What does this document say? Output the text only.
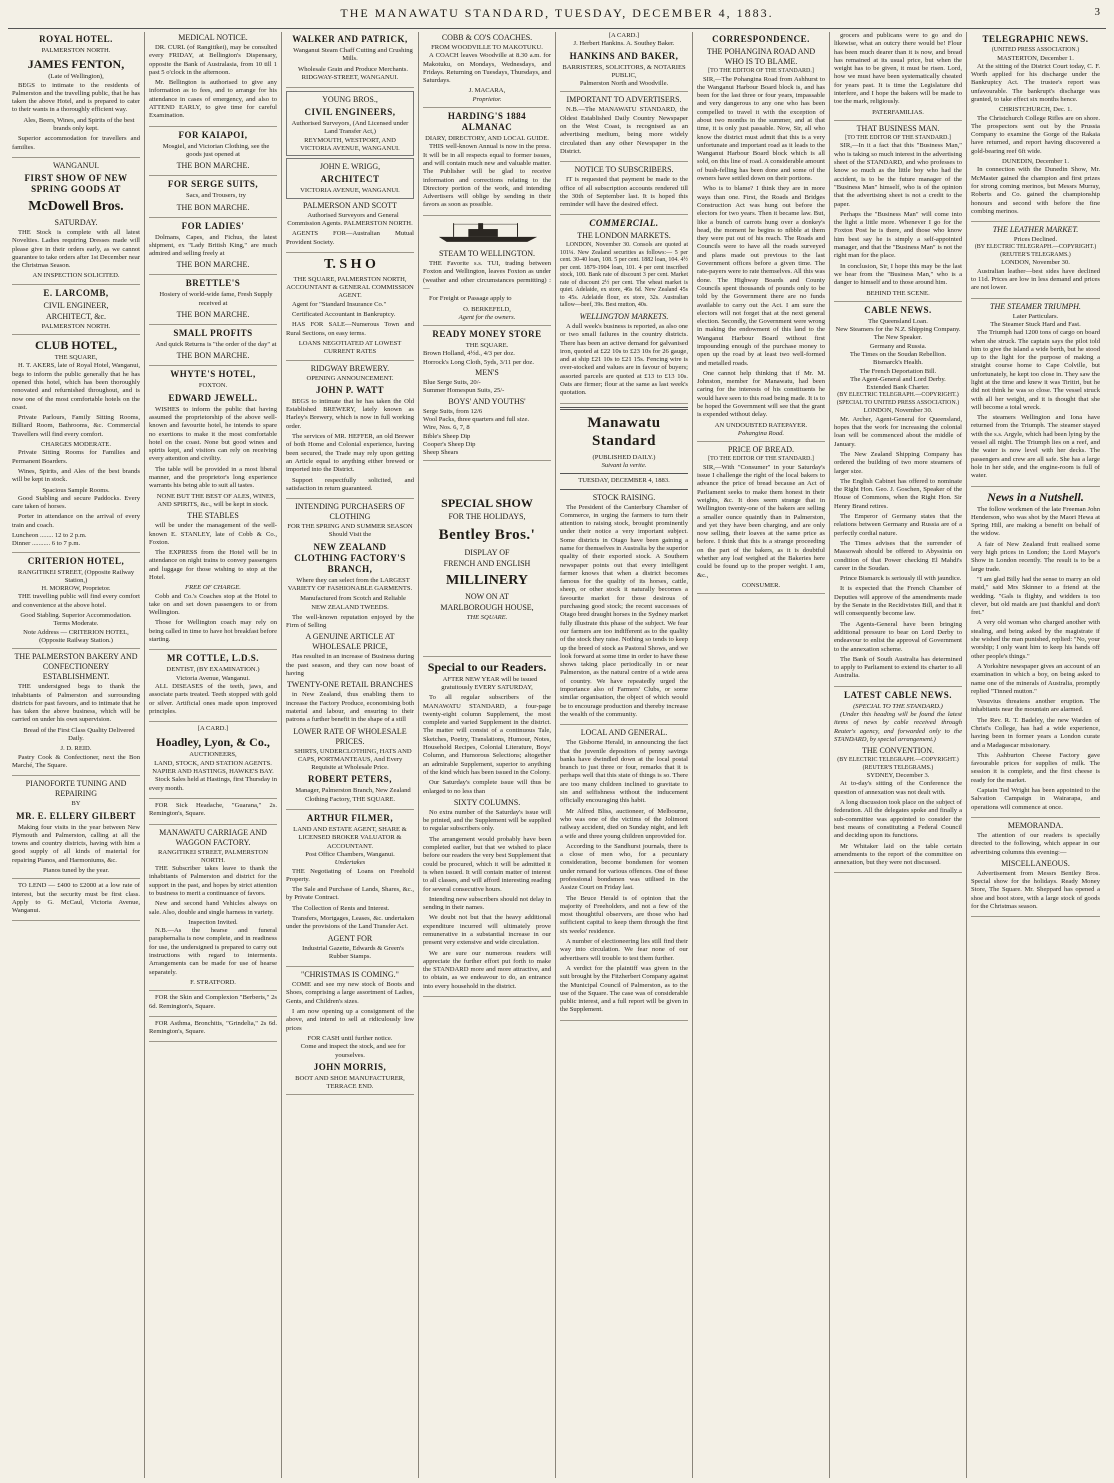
THE MANAWATU STANDARD, TUESDAY, DECEMBER 4, 1883.	3
ROYAL HOTEL.
PALMERSTON NORTH.
JAMES FENTON,
(Late of Wellington),

BEGS to intimate to the residents of Palmerston and the travelling public, that he has taken the above Hotel, and is prepared to cater to their wants in a thoroughly efficient way.

Ales, Beers, Wines, and Spirits of the best brands only kept.

Superior accommodation for travellers and families.

WANGANUI.
FIRST SHOW OF NEW SPRING GOODS AT
McDowell Bros.
SATURDAY.

THE Stock is complete with all latest Novelties. Ladies requiring Dresses made will please give in their orders early, as we cannot guarantee to take orders after 1st December near the Christmas Season.

AN INSPECTION SOLICITED.
E. LARCOMB,
CIVIL ENGINEER,
ARCHITECT, &c.
PALMERSTON NORTH.
CLUB HOTEL,
THE SQUARE,

H. T. AKERS, late of Royal Hotel, Wanganui, begs to inform the public generally that he has opened this hotel, which has been thoroughly renovated and refurnished throughout, and is now one of the most comfortable hotels on the coast.

Private Parlours, Family Sitting Rooms, Billiard Room, Bathrooms, &c. Commercial Travellers will find every comfort.

CHARGES MODERATE.

Private Sitting Rooms for Families and Permanent Boarders.

Wines, Spirits, and Ales of the best brands will be kept in stock.

Spacious Sample Rooms.

Good Stabling and secure Paddocks. Every care taken of horses.

Porter in attendance on the arrival of every train and coach.

Luncheon ........ 12 to 2 p.m.
Dinner ........... 6 to 7 p.m.
CRITERION HOTEL,
RANGITIKEI STREET, (Opposite Railway Station,)
H. MORROW, Proprietor.

THE travelling public will find every comfort and convenience at the above hotel.

Good Stabling. Superior Accommodation.
Terms Moderate.
Note Address — CRITERION HOTEL, (Opposite Railway Station.)
THE PALMERSTON BAKERY AND CONFECTIONERY ESTABLISHMENT.

THE undersigned begs to thank the inhabitants of Palmerston and surrounding districts for past favours, and to intimate that he has taken the above business, which will be carried on under his own supervision.

Bread of the First Class Quality Delivered Daily.

J. D. REID.

Pastry Cook & Confectioner, next the Bon Marché, The Square.

PIANOFORTE TUNING AND REPAIRING
BY
MR. E. ELLERY GILBERT

Making four visits in the year between New Plymouth and Palmerston, calling at all the towns and country districts, having with him a good supply of all kinds of material for repairing Pianos, and Harmoniums, &c.

Pianos tuned by the year.

TO LEND — £400 to £2000 at a low rate of interest, but the security must be first class. Apply to G. McCaul, Victoria Avenue, Wanganui.

MEDICAL NOTICE.

DR. CURL (of Rangitikei), may be consulted every FRIDAY, at Bellington's Dispensary, opposite the Bank of Australasia, from 10 till 1 past 5 o'clock in the afternoon.

Mr. Bellington is authorised to give any information as to fees, and to arrange for his attendance in cases of emergency, and also to ATTEND EARLY, to give time for careful Examination.

FOR KAIAPOI,

Mosgiel, and Victorian Clothing, see the goods just opened at

THE BON MARCHE.
FOR SERGE SUITS,

Sacs, and Trousers, try

THE BON MARCHE.
FOR LADIES'

Dolmans, Capes, and Fichus, the latest shipment, ex "Lady British King," are much admired and selling freely at

THE BON MARCHE.
BRETTLE'S

Hosiery of world-wide fame, Fresh Supply received at

THE BON MARCHE.
SMALL PROFITS

And quick Returns is "the order of the day" at

THE BON MARCHE.
WHYTE'S HOTEL,
FOXTON.
EDWARD JEWELL.

WISHES to inform the public that having assumed the proprietorship of the above well-known and favourite hotel, he intends to spare no exertions to make it the most comfortable hotel on the coast. None but good wines and spirits kept, and visitors can rely on receiving every attention and civility.

The table will be provided in a most liberal manner, and the proprietor's long experience warrants his being able to suit all tastes.

NONE BUT THE BEST OF ALES, WINES, AND SPIRITS, &c., will be kept in stock.

THE STABLES

will be under the management of the well-known E. STANLEY, late of Cobb & Co., Foxton.

The EXPRESS from the Hotel will be in attendance on night trains to convey passengers and luggage for those wishing to stop at the Hotel.

FREE OF CHARGE.

Cobb and Co.'s Coaches stop at the Hotel to take on and set down passengers to or from Wellington.

Those for Wellington coach may rely on being called in time to have hot breakfast before starting.

MR COTTLE, L.D.S.
DENTIST, (BY EXAMINATION.)
Victoria Avenue, Wanganui.

ALL DISEASES of the teeth, jaws, and associate parts treated. Teeth stopped with gold or silver. Artificial ones made upon improved principles.

[A CARD.]
Hoadley, Lyon, & Co.,
AUCTIONEERS,
LAND, STOCK, AND STATION AGENTS. NAPIER AND HASTINGS, HAWKE'S BAY.

Stock Sales held at Hastings, first Thursday in every month.

FOR Sick Headache, "Guarana," 2s. Remington's, Square.

MANAWATU CARRIAGE AND WAGGON FACTORY.
RANGITIKEI STREET, PALMERSTON NORTH.

THE Subscriber takes leave to thank the inhabitants of Palmerston and district for the support in the past, and hopes by strict attention to business to merit a continuance of favors.

New and second hand Vehicles always on sale. Also, double and single harness in variety.

Inspection Invited.

N.B.—As the hearse and funeral paraphernalia is now complete, and in readiness for use, the undersigned is prepared to carry out instructions with regard to interments. Arrangements can be made for use of hearse separately.

F. STRATFORD.

FOR the Skin and Complexion "Berberis," 2s 6d. Remington's, Square.

FOR Asthma, Bronchitis, "Grindelia," 2s 6d. Remington's, Square.

WALKER AND PATRICK,

Wanganui Steam Chaff Cutting and Crushing Mills.

Wholesale Grain and Produce Merchants. RIDGWAY-STREET, WANGANUI.

YOUNG BROS.,
CIVIL ENGINEERS,
Authorised Surveyors, (And Licensed under Land Transfer Act,)
REYMOUTH, WESTPORT, AND VICTORIA AVENUE, WANGANUI.
JOHN E. WRIGG,
ARCHITECT
VICTORIA AVENUE, WANGANUI.
PALMERSON AND SCOTT

Authorised Surveyors and General Commission Agents. PALMERSTON NORTH.

AGENTS FOR—Australian Mutual Provident Society.

T. S H O
THE SQUARE, PALMERSTON NORTH,
ACCOUNTANT & GENERAL COMMISSION AGENT.

Agent for "Standard Insurance Co."

Certificated Accountant in Bankruptcy.

HAS FOR SALE—Numerous Town and Rural Sections, on easy terms.

LOANS NEGOTIATED AT LOWEST CURRENT RATES
RIDGWAY BREWERY.
OPENING ANNOUNCEMENT.
JOHN P. WATT

BEGS to intimate that he has taken the Old Established BREWERY, lately known as Harley's Brewery, which is now in full working order.

The services of MR. HEFFER, an old Brewer of both Home and Colonial experience, having been secured, the Trade may rely upon getting an Article equal to anything either brewed or imported into the District.

Support respectfully solicited, and satisfaction in return guaranteed.

INTENDING PURCHASERS OF CLOTHING
FOR THE SPRING AND SUMMER SEASON Should Visit the
NEW ZEALAND CLOTHING FACTORY'S BRANCH,

Where they can select from the LARGEST VARIETY OF FASHIONABLE GARMENTS.

Manufactured from Scotch and Reliable NEW ZEALAND TWEEDS.

The well-known reputation enjoyed by the Firm of Selling

A GENUINE ARTICLE AT WHOLESALE PRICE,

Has resulted in an increase of Business during the past season, and they can now boast of having

TWENTY-ONE RETAIL BRANCHES

in New Zealand, thus enabling them to increase the Factory Produce, economising both material and labour, and ensuring to their patrons a further benefit in the shape of a still

LOWER RATE OF WHOLESALE PRICES.

SHIRTS, UNDERCLOTHING, HATS AND CAPS, PORTMANTEAUS, And Every Requisite at Wholesale Price.

ROBERT PETERS,

Manager, Palmerston Branch, New Zealand Clothing Factory, THE SQUARE.

ARTHUR FILMER,
LAND AND ESTATE AGENT, SHARE & LICENSED BROKER VALUATOR & ACCOUNTANT.
Post Office Chambers, Wanganui.
Undertakes

THE Negotiating of Loans on Freehold Property.

The Sale and Purchase of Lands, Shares, &c., by Private Contract.

The Collection of Rents and Interest.

Transfers, Mortgages, Leases, &c. undertaken under the provisions of the Land Transfer Act.

AGENT FOR

Industrial Gazette, Edwards & Green's Rubber Stamps.

"CHRISTMAS IS COMING."

COME and see my new stock of Boots and Shoes, comprising a large assortment of Ladies, Gents, and Children's sizes.

I am now opening up a consignment of the above, and intend to sell at ridiculously low prices

FOR CASH until further notice.

Come and inspect the stock, and see for yourselves.

JOHN MORRIS,
BOOT AND SHOE MANUFACTURER, TERRACE END.
COBB & CO'S COACHES.
FROM WOODVILLE TO MAKOTUKU.

A COACH leaves Woodville at 8.30 a.m. for Makotuku, on Mondays, Wednesdays, and Fridays. Returning on Tuesdays, Thursdays, and Saturdays.

J. MACARA,
Proprietor.
HARDING'S 1884 ALMANAC
DIARY, DIRECTORY, AND LOCAL GUIDE.

THIS well-known Annual is now in the press. It will be in all respects equal to former issues, and will contain much new and valuable matter. The Publisher will be glad to receive information and corrections relating to the Directory portion of the work, and intending Advertisers will oblige by sending in their favors as soon as possible.

STEAM TO WELLINGTON.

THE Favorite s.s. TUI, trading between Foxton and Wellington, leaves Foxton as under (weather and other circumstances permitting) :—

For Freight or Passage apply to

O. BERKEFELD,
Agent for the owners.
READY MONEY STORE
THE SQUARE.
Brown Holland, 4½d., 4/3 per doz.
Horrock's Long Cloth, 5yds, 3/11 per doz.
MEN'S
Blue Serge Suits, 20/-
Summer Homespun Suits, 25/-
BOYS' AND YOUTHS'
Serge Suits, from 12/6
Wool Packs, three quarters and full size.
Wire, Nos. 6, 7, 8
Bible's Sheep Dip
Cooper's Sheep Dip
Sheep Shears
SPECIAL SHOW
FOR THE HOLIDAYS,
Bentley Bros.'
DISPLAY OF
FRENCH AND ENGLISH
MILLINERY
NOW ON AT
MARLBOROUGH HOUSE,
THE SQUARE.
Special to our Readers.

AFTER NEW YEAR will be issued gratuitously EVERY SATURDAY,

To all regular subscribers of the MANAWATU STANDARD, a four-page twenty-eight column Supplement, the most complete and varied Supplement in the district. The matter will consist of a continuous Tale, Sketches, Poetry, Translations, Humour, Notes, Household Recipes, Colonial Literature, Boys' Column, and Humorous Selections; altogether an admirable Supplement, superior to anything of the kind which has been issued in the Colony.

Our Saturday's complete issue will thus be enlarged to no less than

SIXTY COLUMNS.

No extra number of the Saturday's issue will be printed, and the Supplement will be supplied to regular subscribers only.

The arrangement would probably have been completed earlier, but that we wished to place before our readers the very best Supplement that could be procured, which it will be admitted it is when issued. It will contain matter of interest to all classes, and will afford interesting reading for several consecutive hours.

Intending new subscribers should not delay in sending in their names.

We doubt not but that the heavy additional expenditure incurred will ultimately prove remunerative in a substantial increase in our present very extensive and wide circulation.

We are sure our numerous readers will appreciate the further effort put forth to make the STANDARD more and more attractive, and to obtain, as we endeavour to do, an entrance into every household in the district.

[A CARD.]
J. Herbert Hankins. A. Southey Baker.
HANKINS AND BAKER,
BARRISTERS, SOLICITORS, & NOTARIES PUBLIC,
Palmerston North and Woodville.
IMPORTANT TO ADVERTISERS.

N.B.—The MANAWATU STANDARD, the Oldest Established Daily Country Newspaper on the West Coast, is recognised as an advertising medium, being more widely circulated than any other Newspaper in the District.

NOTICE TO SUBSCRIBERS.

IT is requested that payment be made to the office of all subscription accounts rendered till the 30th of September last. It is hoped this reminder will have the desired effect.

COMMERCIAL.
THE LONDON MARKETS.

LONDON, November 30. Consols are quoted at 101¼. New Zealand securities as follows:— 5 per cent. 30-40 loan, 108. 5 per cent. 1882 loan, 104. 4½ per cent. 1879-1904 loan, 101. 4 per cent inscribed stock, 100. Bank rate of discount 3 per cent. Market rate of discount 2½ per cent. The wheat market is quiet. Adelaide, ex store, 46s 6d. New Zealand 45s to 45s. Adelaide flour, ex store, 32s. Australian tallow—beef, 39s. Best mutton, 40s.

WELLINGTON MARKETS.

A dull week's business is reported, as also one or two small failures in the country districts. There has been an active demand for galvanised iron, quoted at £22 10s to £23 10s for 26 gauge, and at ship £21 10s to £21 15s. Fencing wire is over-stocked and values are in favour of buyers; assorted parcels are quoted at £13 to £13 10s. Oats are firmer; flour at the same as last week's quotation.

Manawatu Standard
(PUBLISHED DAILY.)
Suivant la verite.
TUESDAY, DECEMBER 4, 1883.
STOCK RAISING.

The President of the Canterbury Chamber of Commerce, in urging the farmers to turn their attention to raising stock, brought prominently under their notice a very important subject. Some districts in Otago have been gaining a name for themselves in Australia by the superior quality of their exported stock. A Southern newspaper points out that every intelligent farmer knows that when a district becomes famous for the quality of its horses, cattle, sheep, or other stock it naturally becomes a favourite market for those desirous of purchasing good stock; the recent successes of Otago bred draught horses in the Sydney market fully illustrate this phase of the subject. We fear our farmers are too indifferent as to the quality of the stock they raise. Nothing so tends to keep up the breed of stock as Pastoral Shows, and we look forward at some time in order to have these shows taking place periodically in or near Palmerston, as the natural centre of a wide area of country. We have repeatedly urged the importance also of Farmers' Clubs, or some similar organisation, the object of which would be to encourage production and thereby increase the wealth of the community.

LOCAL AND GENERAL.

The Gisborne Herald, in announcing the fact that the juvenile depositors of penny savings banks have dwindled down at the local postal branch to just three or four, remarks that it is perhaps well that this state of things is so. There are too many children inclined to gravitate to sin and selfishness without the inducement officially encouraging this habit.

Mr Alfred Bliss, auctioneer, of Melbourne, who was one of the victims of the Jolimont railway accident, died on Sunday night, and left a wife and three young children unprovided for.

According to the Sandhurst journals, there is a close of men who, for a pecuniary consideration, become bondsmen for women under remand for various offences. One of these professional bondsmen was utilised in the Assize Court on Friday last.

The Bruce Herald is of opinion that the majority of Freeholders, and not a few of the most thoughtful observers, are those who had sufficient capital to keep them through the first six weeks' residence.

A number of electioneering lies still find their way into circulation. We fear none of our advertisers will trouble to test them further.

A verdict for the plaintiff was given in the suit brought by the Fitzherbert Company against the Municipal Council of Palmerston, as to the use of the Square. The case was of considerable public interest, and a full report will be given in the Supplement.

CORRESPONDENCE.
THE POHANGINA ROAD AND WHO IS TO BLAME.
[TO THE EDITOR OF THE STANDARD.]

SIR,—The Pohangina Road from Ashhurst to the Wanganui Harbour Board block is, and has been for the last three or four years, impassable and very dangerous to any one who has been compelled to travel it with the exception of about two months in the summer, and at that time, it is only just passable. Now, Sir, all who know the district must admit that this is a very unfortunate and important road as it leads to the Wanganui Harbour Board block which is all sold, on this line of road. A considerable amount of bush-felling has been done and some of the owners have settled down on their portions.

Who is to blame? I think they are in more ways than one. First, the Roads and Bridges Construction Act was hung out before the electors for two years. Then it became law. But, like a bunch of carrots hung over a donkey's head, the moment he begins to nibble at them they were put out of his reach. The Roads and Councils were to have all the roads surveyed and plans made out previous to the last Government offices before a given time. The rate-payers were to rate themselves. All this was done. The Highway Boards and County Councils spent thousands of pounds only to be told by the Government there are no funds available to carry out the Act. I am sure the electors will not forget that at the next general election. Secondly, the Government were wrong in making the endowment of this land to the Wanganui Harbour Board without first impounding enough of the purchase money to open up the road by at least two well-formed and metalled roads.

One cannot help thinking that if Mr. M. Johnston, member for Manawatu, had been caring for the interests of his constituents he would have seen to this road being made. It is to be hoped the Government will see that the grant is expended without delay.

AN UNDOUBTED RATEPAYER.
Pohangina Road.
PRICE OF BREAD.
[TO THE EDITOR OF THE STANDARD.]

SIR,—With "Consumer" in your Saturday's issue I challenge the right of the local bakers to advance the price of bread because an Act of Parliament seeks to make them honest in their weights, &c. It does seem strange that in Wellington twenty-one of the bakers are selling a smaller ounce quaintly than in Palmerston, and yet they have been charging, and are only now selling, their loaves at the same price as before. I think that this is a strange proceeding on the part of the bakers, as it is doubtful whether any loaf weighed at the Bakeries here could be found up to the proper weight. I am, &c.,

CONSUMER.

grocers and publicans were to go and do likewise, what an outcry there would be! Flour has been much dearer than it is now, and bread has remained at its usual price, but when the weight has to be given, it must be risen. Lord, how we must have been systematically cheated for years past. It is time the Legislature did interfere, and I hope the bakers will be made to toe the mark, religiously.

PATERFAMILIAS.
THAT BUSINESS MAN.
[TO THE EDITOR OF THE STANDARD.]

SIR,—In it a fact that this "Business Man," who is taking so much interest in the advertising sheet of the STANDARD, and who professes to know so much as the little boy who had the accident, is to be the future manager of the "Business Man" himself, who is of the opinion that the advertising sheet is not a credit to the paper.

Perhaps the "Business Man" will come into the light a little more. Whenever I go for the Foxton Post he is there, and those who know him best say he is simply a self-appointed manager, and that the "Business Man" is not the right man for the place.

In conclusion, Sir, I hope this may be the last we hear from the "Business Man," who is a danger to himself and to those around him.

BEHIND THE SCENE.
CABLE NEWS.
The Queensland Loan.
New Steamers for the N.Z. Shipping Company.
The New Speaker.
Germany and Russia.
The Times on the Soudan Rebellion.
Bismarck's Health.
The French Deportation Bill.
The Agent-General and Lord Derby.
Extended Bank Charter.
(BY ELECTRIC TELEGRAPH.—COPYRIGHT.)
(SPECIAL TO UNITED PRESS ASSOCIATION.)
LONDON, November 30.

Mr. Archer, Agent-General for Queensland, hopes that the work for increasing the colonial loan will be commenced about the middle of January.

The New Zealand Shipping Company has ordered the building of two more steamers of larger size.

The English Cabinet has offered to nominate the Right Hon. Geo. J. Goschen, Speaker of the House of Commons, when the Right Hon. Sir Henry Brand retires.

The Emperor of Germany states that the relations between Germany and Russia are of a perfectly cordial nature.

The Times advises that the surrender of Massowah should be offered to Abyssinia on condition of that Power checking El Mahdi's career in the Soudan.

Prince Bismarck is seriously ill with jaundice.

It is expected that the French Chamber of Deputies will approve of the amendments made by the Senate in the Recidivistes Bill, and that it will consequently become law.

The Agents-General have been bringing additional pressure to bear on Lord Derby to endeavour to enlist the approval of Government to the annexation scheme.

The Bank of South Australia has determined to apply to Parliament to extend its charter to all Australia.

LATEST CABLE NEWS.
(SPECIAL TO THE STANDARD.)

(Under this heading will be found the latest items of news by cable received through Reuter's agency, and forwarded only to the STANDARD, by special arrangement.)

THE CONVENTION.
(BY ELECTRIC TELEGRAPH.—COPYRIGHT.) (REUTER'S TELEGRAMS.)
SYDNEY, December 3.

At to-day's sitting of the Conference the question of annexation was not dealt with.

A long discussion took place on the subject of federation. All the delegates spoke and finally a sub-committee was appointed to consider the best means of constituting a Federal Council and deciding upon its functions.

Mr Whitaker laid on the table certain amendments to the report of the committee on annexation, but they were not discussed.

TELEGRAPHIC NEWS.
(UNITED PRESS ASSOCIATION.)
MASTERTON, December 1.

At the sitting of the District Court today, C. F. Worth applied for his discharge under the Bankruptcy Act. The trustee's report was unfavourable. The bankrupt's discharge was granted, to take effect six months hence.

CHRISTCHURCH, Dec. 1.

The Christchurch College Rifles are on shore. The prospectors sent out by the Prussia Company to examine the Gorge of the Rakaia have returned, and report having discovered a gold-bearing reef 6ft wide.

DUNEDIN, December 1.

In connection with the Dunedin Show, Mr. McMaster gained the champion and first prizes for strong coming merinos, but Messrs Murray, Roberts and Co. gained the championship honours and second with before the fine combing merinos.

THE LEATHER MARKET.
Prices Declined.
(BY ELECTRIC TELEGRAPH.—COPYRIGHT.) (REUTER'S TELEGRAMS.)
LONDON, November 30.

Australian leather—best sides have declined to 11d. Prices are low in less demand and prices are not lower.

THE STEAMER TRIUMPH.
Later Particulars.
The Steamer Stuck Hard and Fast.

The Triumph had 1200 tons of cargo on board when she struck. The captain says the pilot told him to give the island a wide berth, but he stood up to the light for the purpose of making a straight course home to Cape Colville, but unfortunately, he kept too close in. They saw the light at the time and knew it was Tiritiri, but he did not think he was so close. The vessel struck with all her weight, and it is thought that she will become a total wreck.

The steamers Wellington and Iona have returned from the Triumph. The steamer stayed with the s.s. Argyle, which had been lying by the vessel all night. The Triumph lies on a reef, and the water is now level with her decks. The passengers and crew are all safe. She has a large hole in her side, and the engine-room is full of water.

News in a Nutshell.

The follow workmen of the late Freeman John Henderson, who was shot by the Maori Hewa at Spring Hill, are making a benefit on behalf of the widow.

A fair of New Zealand fruit realised some very high prices in London; the Lord Mayor's Show in London recently. The result is to be a large trade.

"I am glad Billy had the sense to marry an old maid," said Mrs Skinner to a friend at the wedding. "Gals is flighty, and widders is too clever, but old maids are just thankful and don't fret."

A very old woman who charged another with stealing, and being asked by the magistrate if she wished the man punished, replied: "No, your worship; I only want him to keep his hands off other people's things."

A Yorkshire newspaper gives an account of an examination in which a boy, on being asked to name one of the minerals of Australia, promptly replied "Tinned mutton."

Vesuvius threatens another eruption. The inhabitants near the mountain are alarmed.

The Rev. R. T. Badeley, the new Warden of Christ's College, has had a wide experience, having been in former years a London curate and a Madagascar missionary.

This Ashburton Cheese Factory gave favourable prices for supplies of milk. The session it is complete, and the first cheese is ready for the market.

Captain Ted Wright has been appointed to the Salvation Campaign in Wairarapa, and operations will commence at once.

MEMORANDA.

The attention of our readers is specially directed to the following, which appear in our advertising columns this evening:—

MISCELLANEOUS.

Advertisement from Messrs Bentley Bros. Special show for the holidays. Ready Money Store, The Square. Mr. Sheppard has opened a shoe and boot store, with a large stock of goods for the Christmas season.
